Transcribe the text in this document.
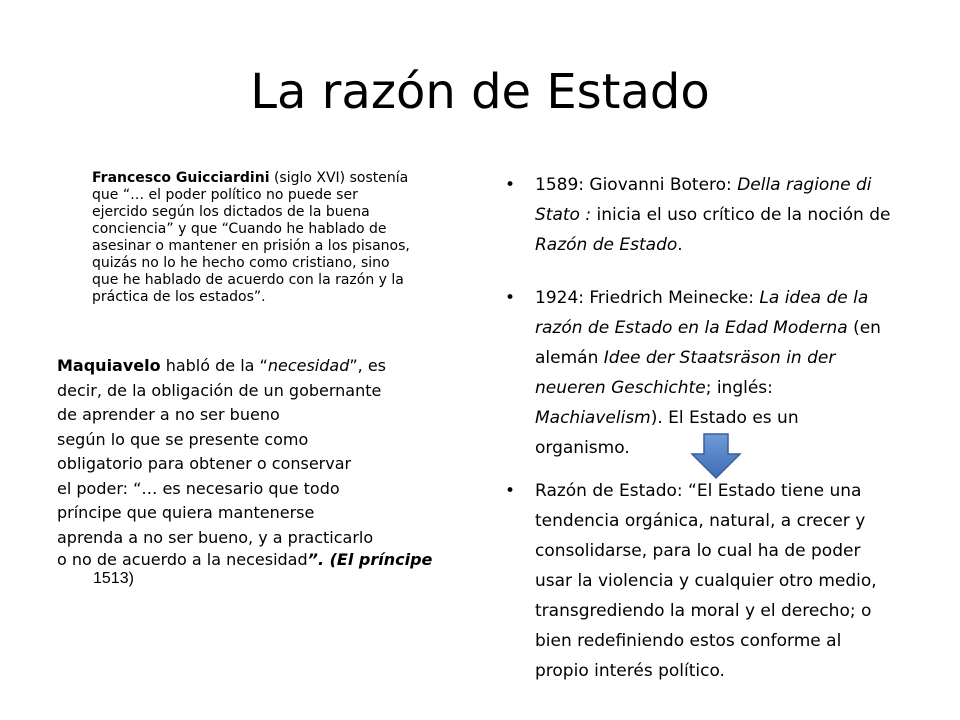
La razón de Estado
Francesco Guicciardini (siglo XVI) sostenía
que “… el poder político no puede ser
ejercido según los dictados de la buena
conciencia” y que “Cuando he hablado de
asesinar o mantener en prisión a los pisanos,
quizás no lo he hecho como cristiano, sino
que he hablado de acuerdo con la razón y la
práctica de los estados”.
Maquiavelo habló de la “necesidad”, es
decir, de la obligación de un gobernante
de aprender a no ser bueno
según lo que se presente como
obligatorio para obtener o conservar
el poder: “… es necesario que todo
príncipe que quiera mantenerse
aprenda a no ser bueno, y a practicarlo
o no de acuerdo a la necesidad”. (El príncipe
1513)
• 1589: Giovanni Botero: Della ragione di
Stato : inicia el uso crítico de la noción de
Razón de Estado.
• 1924: Friedrich Meinecke: La idea de la
razón de Estado en la Edad Moderna (en
alemán Idee der Staatsräson in der
neueren Geschichte; inglés:
Machiavelism). El Estado es un
organismo.
• Razón de Estado: “El Estado tiene una
tendencia orgánica, natural, a crecer y
consolidarse, para lo cual ha de poder
usar la violencia y cualquier otro medio,
transgrediendo la moral y el derecho; o
bien redefiniendo estos conforme al
propio interés político.
